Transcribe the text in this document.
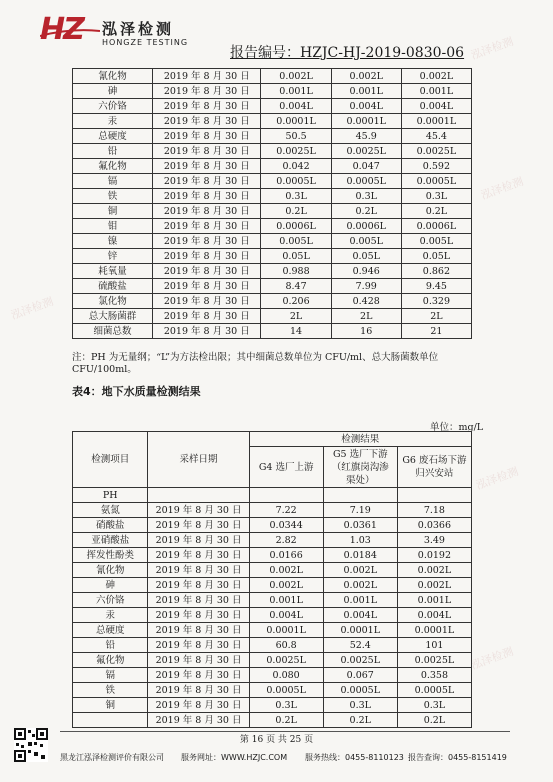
泓泽检测
泓泽检测
泓泽检测
泓泽检测
泓泽检测
HZ	泓泽检测
HONGZE TESTING
报告编号：HZJC-HJ-2019-0830-06
氰化物	2019 年 8 月 30 日	0.002L	0.002L	0.002L
砷	2019 年 8 月 30 日	0.001L	0.001L	0.001L
六价铬	2019 年 8 月 30 日	0.004L	0.004L	0.004L
汞	2019 年 8 月 30 日	0.0001L	0.0001L	0.0001L
总硬度	2019 年 8 月 30 日	50.5	45.9	45.4
铅	2019 年 8 月 30 日	0.0025L	0.0025L	0.0025L
氟化物	2019 年 8 月 30 日	0.042	0.047	0.592
镉	2019 年 8 月 30 日	0.0005L	0.0005L	0.0005L
铁	2019 年 8 月 30 日	0.3L	0.3L	0.3L
铜	2019 年 8 月 30 日	0.2L	0.2L	0.2L
钼	2019 年 8 月 30 日	0.0006L	0.0006L	0.0006L
镍	2019 年 8 月 30 日	0.005L	0.005L	0.005L
锌	2019 年 8 月 30 日	0.05L	0.05L	0.05L
耗氧量	2019 年 8 月 30 日	0.988	0.946	0.862
硫酸盐	2019 年 8 月 30 日	8.47	7.99	9.45
氯化物	2019 年 8 月 30 日	0.206	0.428	0.329
总大肠菌群	2019 年 8 月 30 日	2L	2L	2L
细菌总数	2019 年 8 月 30 日	14	16	21
注：PH 为无量纲；“L”为方法检出限；其中细菌总数单位为 CFU/ml、总大肠菌数单位 CFU/100ml。
表4：地下水质量检测结果
单位：mg/L
检测项目	采样日期	检测结果		
		G4 选厂上游	G5 选厂下游（红旗岗沟渗渠处）	G6 废石场下游归兴安站
PH				
氨氮	2019 年 8 月 30 日	7.22	7.19	7.18
硝酸盐	2019 年 8 月 30 日	0.0344	0.0361	0.0366
亚硝酸盐	2019 年 8 月 30 日	2.82	1.03	3.49
挥发性酚类	2019 年 8 月 30 日	0.0166	0.0184	0.0192
氰化物	2019 年 8 月 30 日	0.002L	0.002L	0.002L
砷	2019 年 8 月 30 日	0.002L	0.002L	0.002L
六价铬	2019 年 8 月 30 日	0.001L	0.001L	0.001L
汞	2019 年 8 月 30 日	0.004L	0.004L	0.004L
总硬度	2019 年 8 月 30 日	0.0001L	0.0001L	0.0001L
铅	2019 年 8 月 30 日	60.8	52.4	101
氟化物	2019 年 8 月 30 日	0.0025L	0.0025L	0.0025L
镉	2019 年 8 月 30 日	0.080	0.067	0.358
铁	2019 年 8 月 30 日	0.0005L	0.0005L	0.0005L
铜	2019 年 8 月 30 日	0.3L	0.3L	0.3L
	2019 年 8 月 30 日	0.2L	0.2L	0.2L
第 16 页 共 25 页
黑龙江泓泽检测评价有限公司 服务网址：WWW.HZJC.COM 服务热线：0455-8110123 报告查询：0455-8151419
